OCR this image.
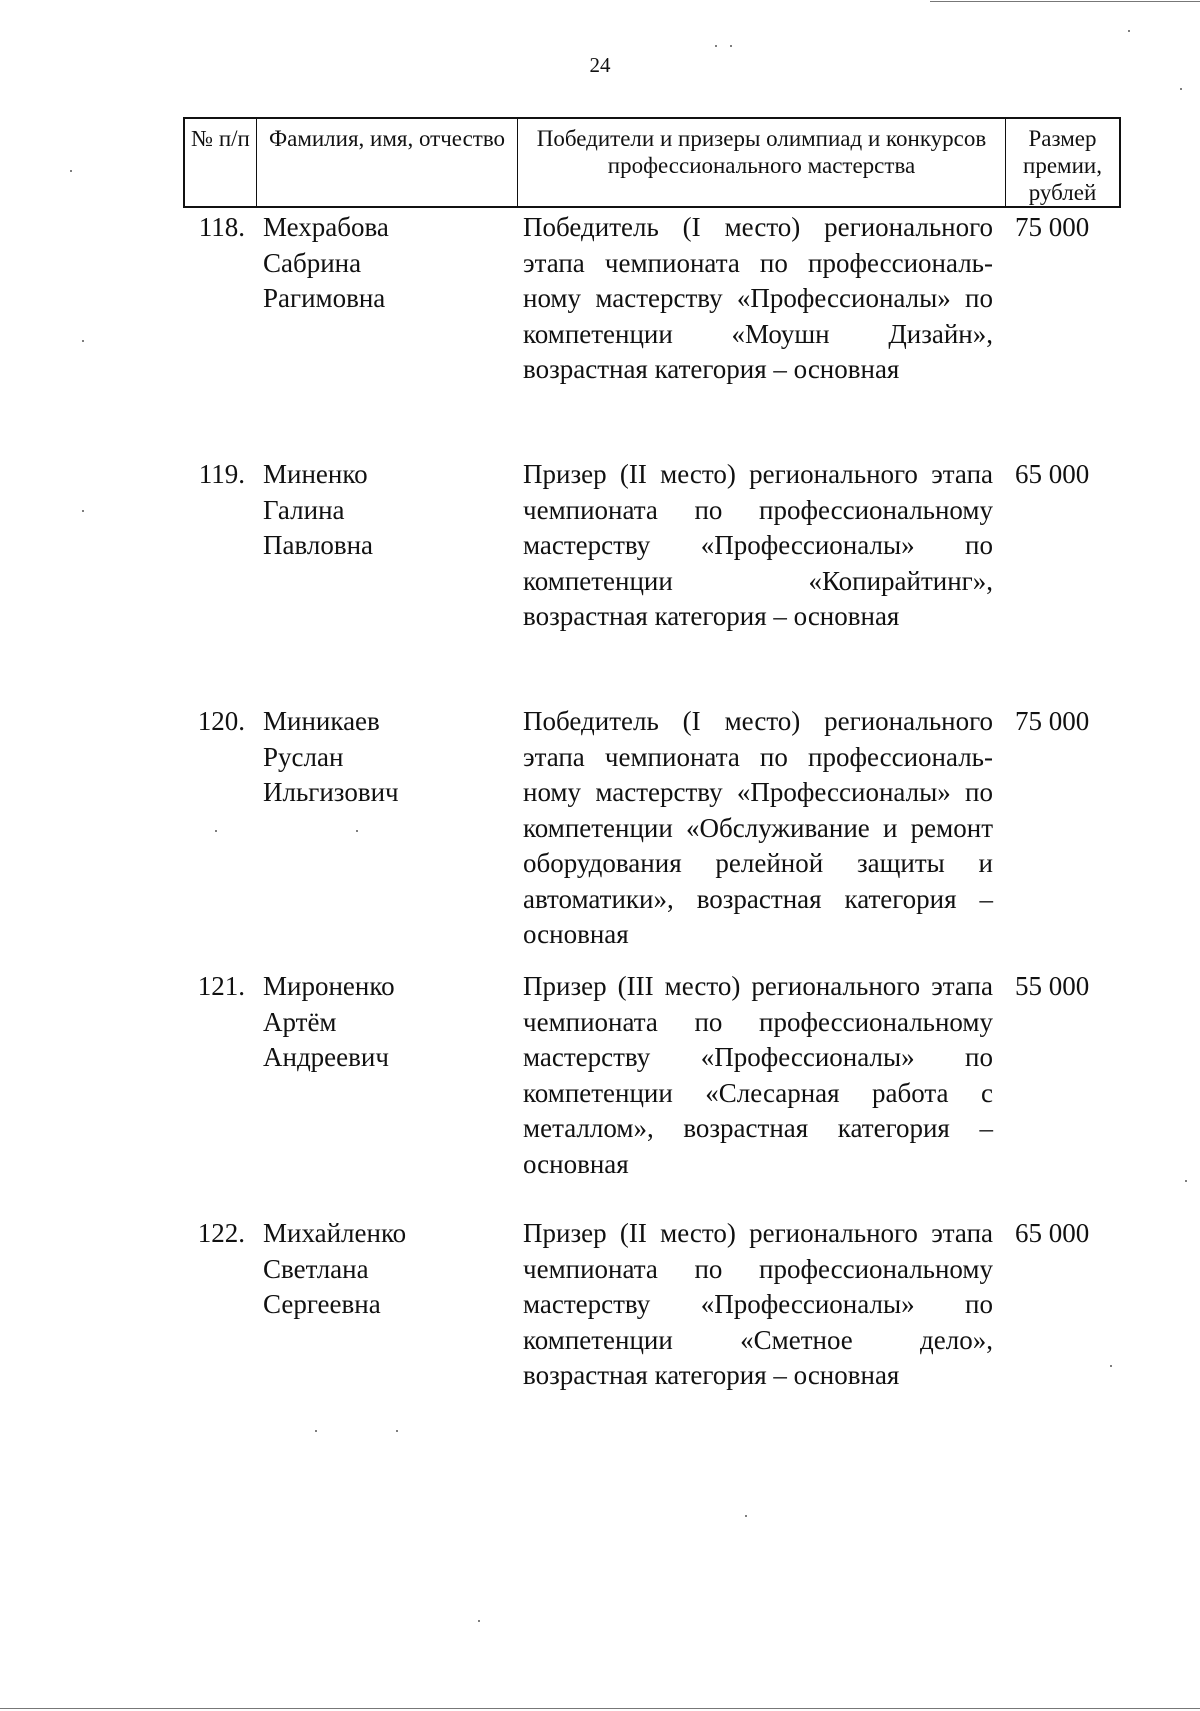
24
№ п/п Фамилия, имя, отчество	Победители и призеры олимпиад и конкурсов профессионального мастерства
Размер премии, рублей
118. Мехрабова
Сабрина
Рагимовна
Победитель (I место) регионального этапа чемпионата по профессиональному мастерству «Профессионалы» по компетенции «Моушн Дизайн», возрастная категория – основная
75 000
119. Миненко
Галина
Павловна
Призер (II место) регионального этапа чемпионата по профессиональному мастерству «Профессионалы» по компетенции «Копирайтинг», возрастная категория – основная
65 000
120. Миникаев
Руслан
Ильгизович
Победитель (I место) регионального этапа чемпионата по профессиональному мастерству «Профессионалы» по компетенции «Обслуживание и ремонт оборудования релейной защиты и автоматики», возрастная категория – основная
75 000
121. Мироненко
Артём
Андреевич
Призер (III место) регионального этапа чемпионата по профессиональному мастерству «Профессионалы» по компетенции «Слесарная работа с металлом», возрастная категория – основная
55 000
122. Михайленко
Светлана
Сергеевна
Призер (II место) регионального этапа чемпионата по профессиональному мастерству «Профессионалы» по компетенции «Сметное дело», возрастная категория – основная
65 000
